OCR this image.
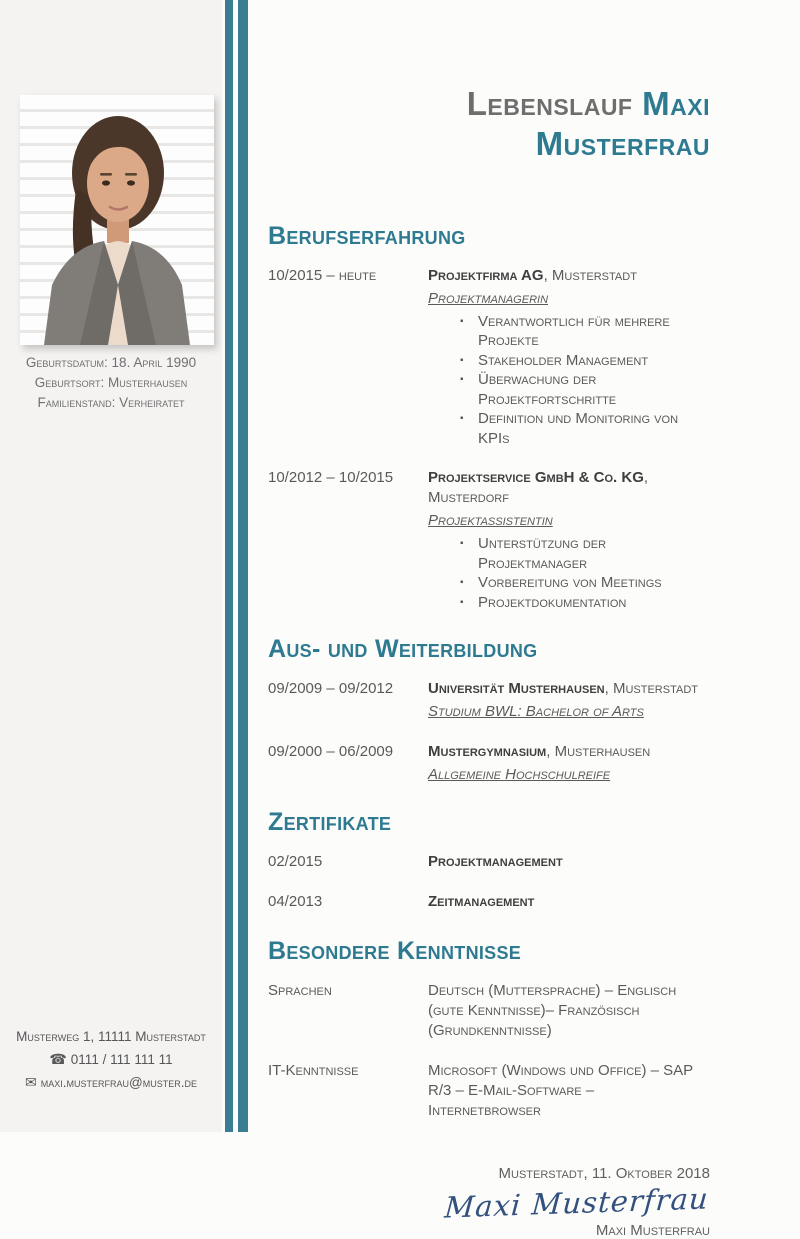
Geburtsdatum: 18. April 1990
Geburtsort: Musterhausen
Familienstand: Verheiratet
Musterweg 1, 11111 Musterstadt
☎ 0111 / 111 111 11
✉ maxi.musterfrau@muster.de
Lebenslauf Maxi Musterfrau
Berufserfahrung
10/2015 – heute	Projektfirma AG, Musterstadt
Projektmanagerin
▪ Verantwortlich für mehrere Projekte
▪ Stakeholder Management
▪ Überwachung der Projektfortschritte
▪ Definition und Monitoring von KPIs
10/2012 – 10/2015	Projektservice GmbH & Co. KG, Musterdorf
Projektassistentin
▪ Unterstützung der Projektmanager
▪ Vorbereitung von Meetings
▪ Projektdokumentation
Aus- und Weiterbildung
09/2009 – 09/2012	Universität Musterhausen, Musterstadt
Studium BWL: Bachelor of Arts
09/2000 – 06/2009	Mustergymnasium, Musterhausen
Allgemeine Hochschulreife
Zertifikate
02/2015	Projektmanagement
04/2013	Zeitmanagement
Besondere Kenntnisse
Sprachen	Deutsch (Muttersprache) – Englisch (gute Kenntnisse)– Französisch (Grundkenntnisse)
IT-Kenntnisse	Microsoft (Windows und Office) – SAP R/3 – E-Mail-Software – Internetbrowser
Musterstadt, 11. Oktober 2018
Maxi Musterfrau
Maxi Musterfrau
